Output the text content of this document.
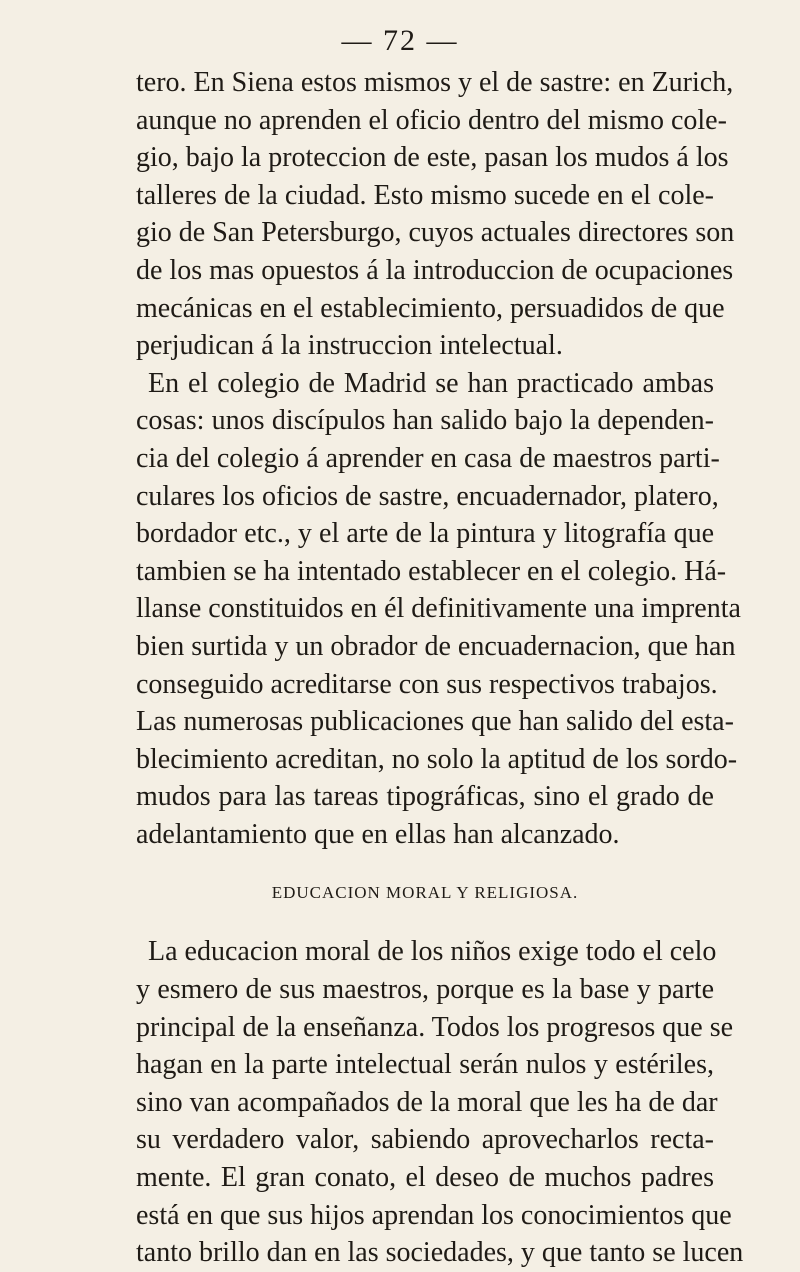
— 72 —
tero. En Siena estos mismos y el de sastre: en Zurich,
aunque no aprenden el oficio dentro del mismo cole-
gio, bajo la proteccion de este, pasan los mudos á los
talleres de la ciudad. Esto mismo sucede en el cole-
gio de San Petersburgo, cuyos actuales directores son
de los mas opuestos á la introduccion de ocupaciones
mecánicas en el establecimiento, persuadidos de que
perjudican á la instruccion intelectual.
En el colegio de Madrid se han practicado ambas
cosas: unos discípulos han salido bajo la dependen-
cia del colegio á aprender en casa de maestros parti-
culares los oficios de sastre, encuadernador, platero,
bordador etc., y el arte de la pintura y litografía que
tambien se ha intentado establecer en el colegio. Há-
llanse constituidos en él definitivamente una imprenta
bien surtida y un obrador de encuadernacion, que han
conseguido acreditarse con sus respectivos trabajos.
Las numerosas publicaciones que han salido del esta-
blecimiento acreditan, no solo la aptitud de los sordo-
mudos para las tareas tipográficas, sino el grado de
adelantamiento que en ellas han alcanzado.
EDUCACION MORAL Y RELIGIOSA.
La educacion moral de los niños exige todo el celo
y esmero de sus maestros, porque es la base y parte
principal de la enseñanza. Todos los progresos que se
hagan en la parte intelectual serán nulos y estériles,
sino van acompañados de la moral que les ha de dar
su verdadero valor, sabiendo aprovecharlos recta-
mente. El gran conato, el deseo de muchos padres
está en que sus hijos aprendan los conocimientos que
tanto brillo dan en las sociedades, y que tanto se lucen
